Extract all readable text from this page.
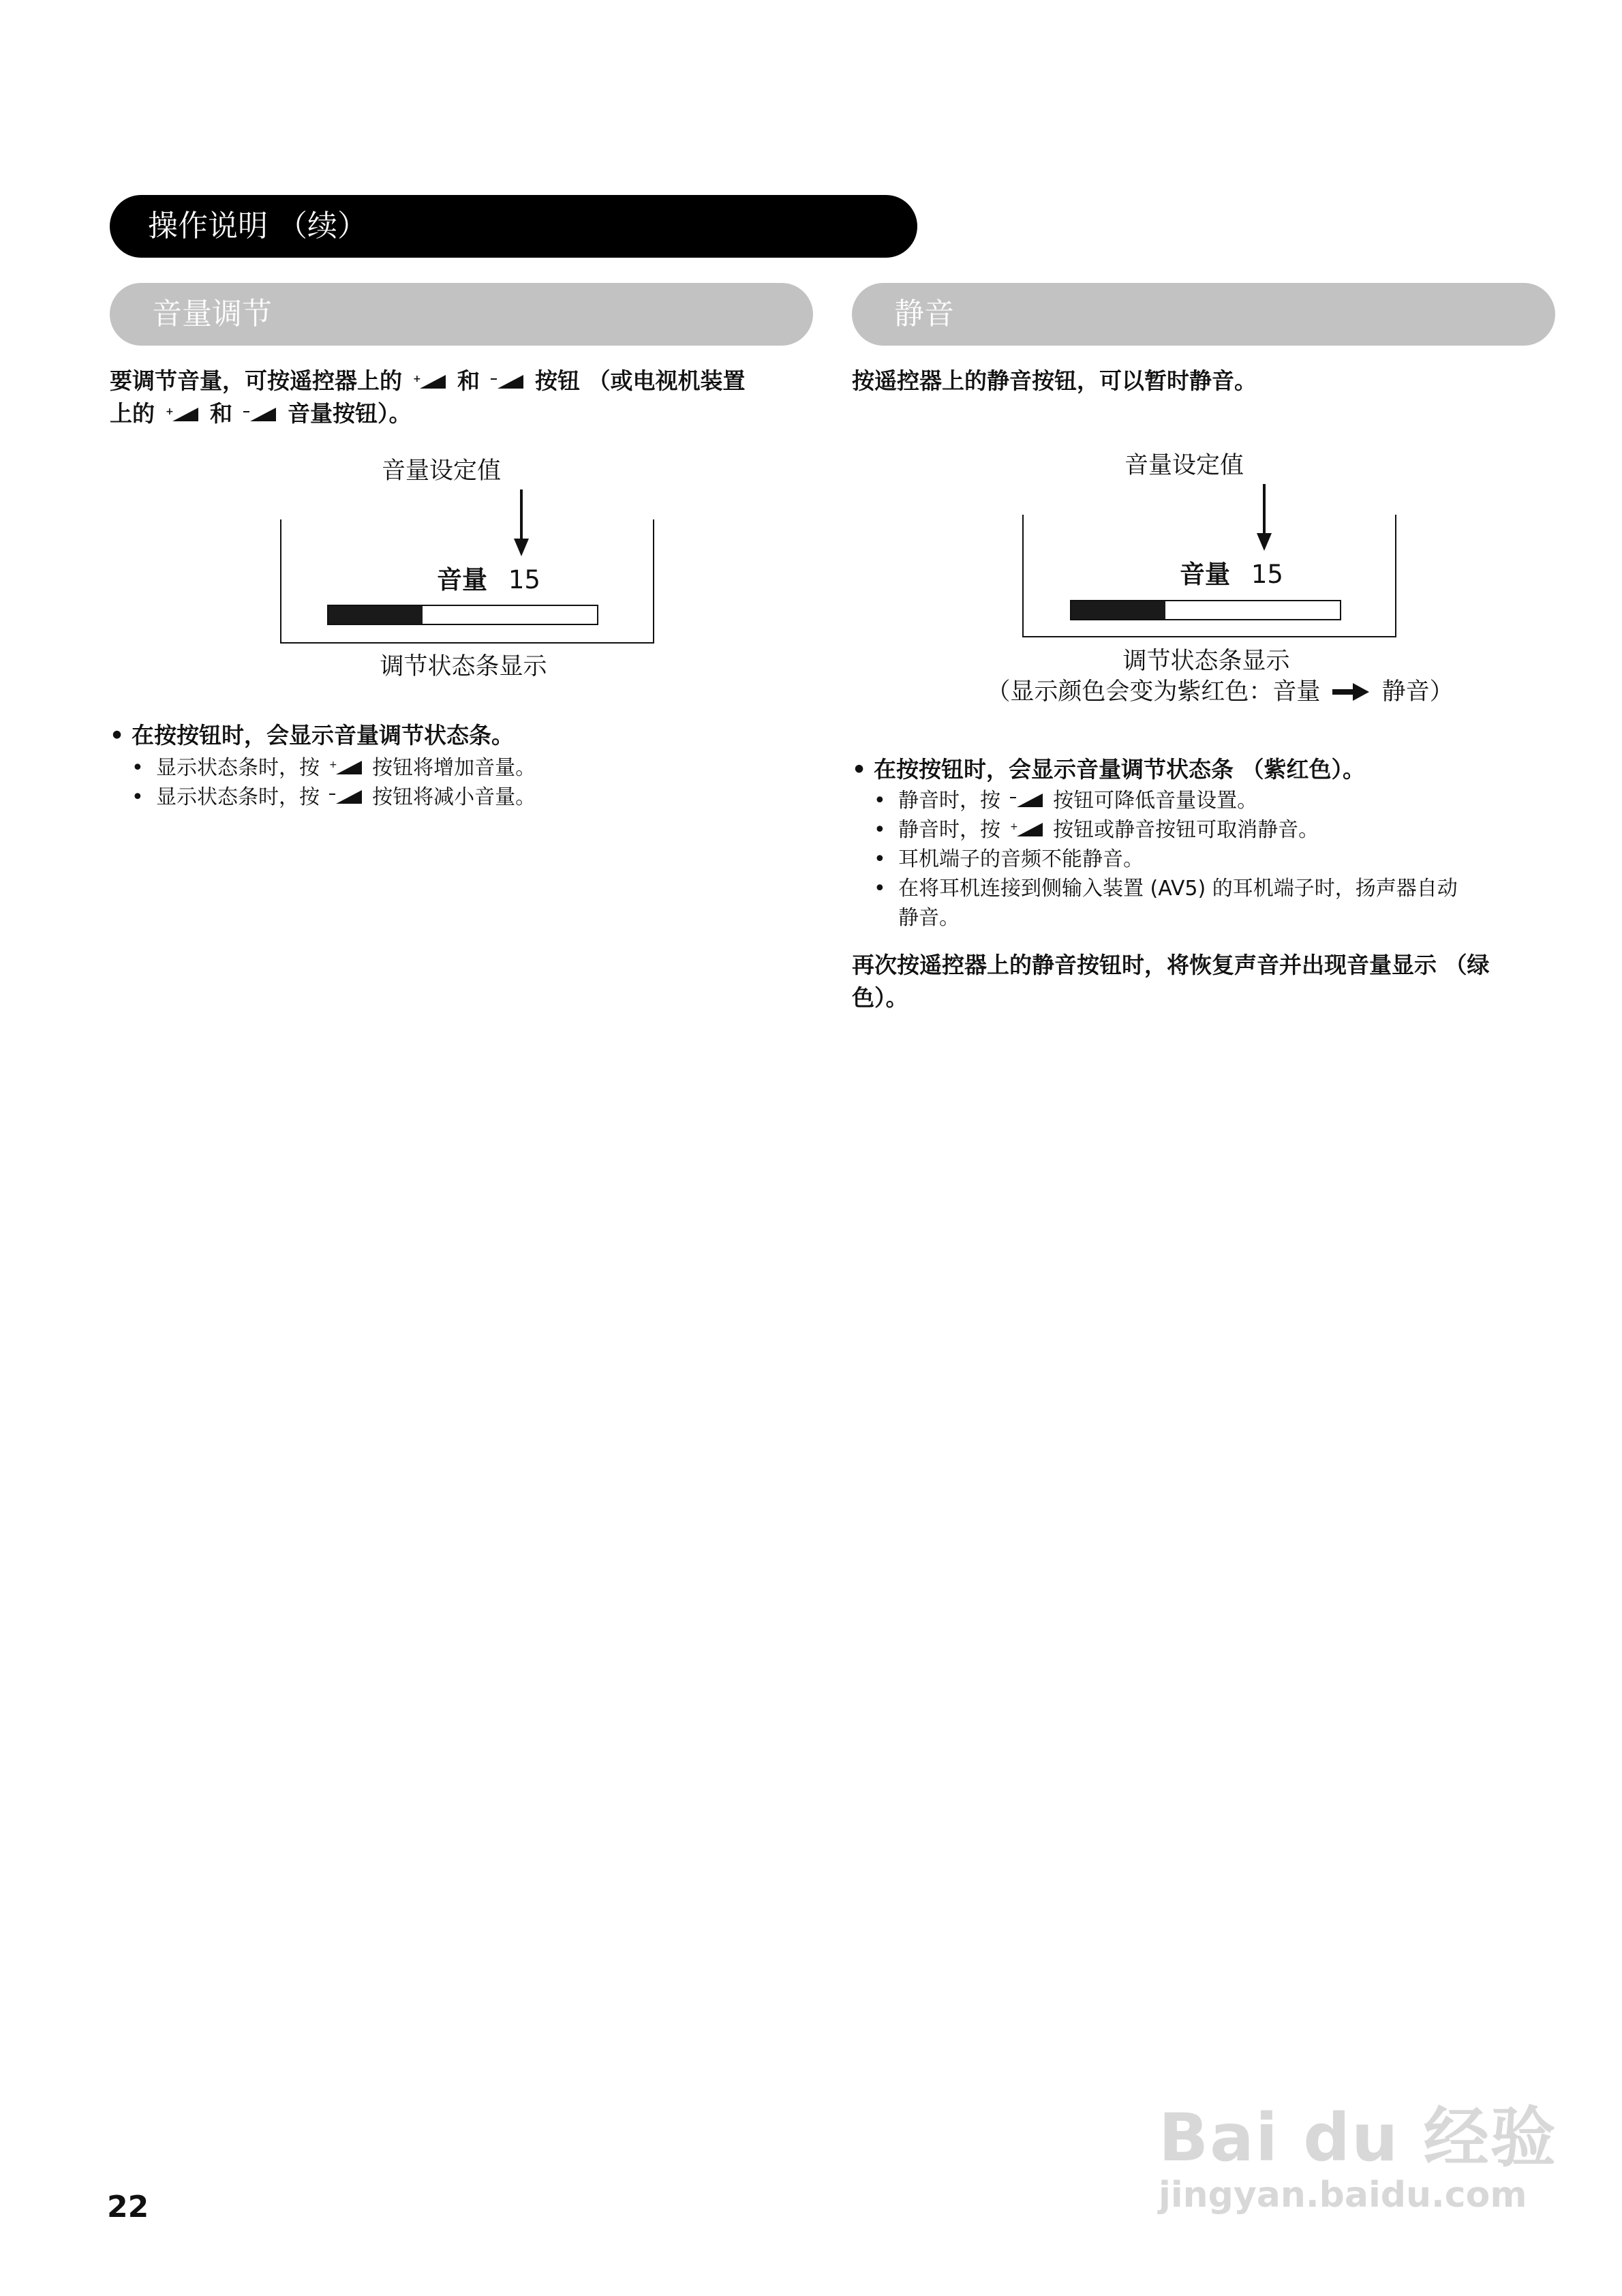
操作说明 （续）
音量调节
要调节音量，可按遥控器上的 + 和 按钮 （或电视机装置
上的 + 和 音量按钮）。
音量设定值
音量 15
调节状态条显示
• 在按按钮时，会显示音量调节状态条。
• 显示状态条时，按 + 按钮将增加音量。
• 显示状态条时，按	按钮将减小音量。
静音
按遥控器上的静音按钮，可以暂时静音。
音量设定值
音量 15
调节状态条显示
（显示颜色会变为紫红色：音量	静音）
• 在按按钮时，会显示音量调节状态条 （紫红色）。
• 静音时，按	按钮可降低音量设置。
• 静音时，按 + 按钮或静音按钮可取消静音。
• 耳机端子的音频不能静音。
• 在将耳机连接到侧输入装置 (AV5) 的耳机端子时，扬声器自动
静音。
再次按遥控器上的静音按钮时，将恢复声音并出现音量显示 （绿
色）。
Bai du 经验
jingyan.baidu.com
22
